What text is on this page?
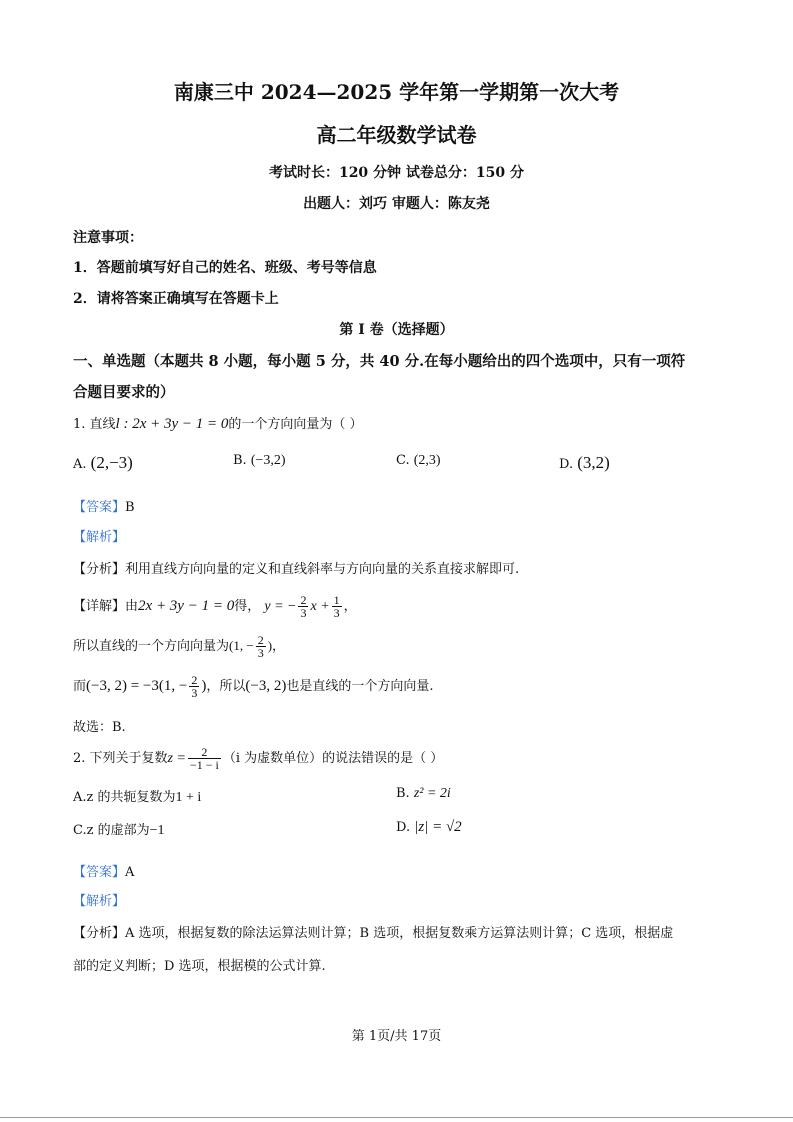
南康三中 2024—2025 学年第一学期第一次大考
高二年级数学试卷
考试时长：120 分钟 试卷总分：150 分
出题人：刘巧 审题人：陈友尧
注意事项：
1．答题前填写好自己的姓名、班级、考号等信息
2．请将答案正确填写在答题卡上
第 I 卷（选择题）
一、单选题（本题共 8 小题，每小题 5 分，共 40 分.在每小题给出的四个选项中，只有一项符
合题目要求的）
1. 直线l : 2x + 3y − 1 = 0的一个方向向量为（ ）
A. (2,−3)	B. (−3,2)	C. (2,3)	D. (3,2)
【答案】B
【解析】
【分析】利用直线方向向量的定义和直线斜率与方向向量的关系直接求解即可.
【详解】由2x + 3y − 1 = 0得， y = − $\frac{2}{3}$ $x + \frac{1}{3}$ ，
所以直线的一个方向向量为(1, − $\frac{2}{3}$ )，
而(−3, 2) = −3(1, − $\frac{2}{3}$ )，所以(−3, 2)也是直线的一个方向向量.
故选：B.
2. 下列关于复数$z = \frac{2}{-1 - i} (i$ 为虚数单位）的说法错误的是（ ）
A.z 的共轭复数为1 + i	B. z² = 2i
C.z 的虚部为−1	D. |z| = √2
【答案】A
【解析】
【分析】A 选项，根据复数的除法运算法则计算；B 选项，根据复数乘方运算法则计算；C 选项，根据虚
部的定义判断；D 选项，根据模的公式计算.
第 1页/共 17页
